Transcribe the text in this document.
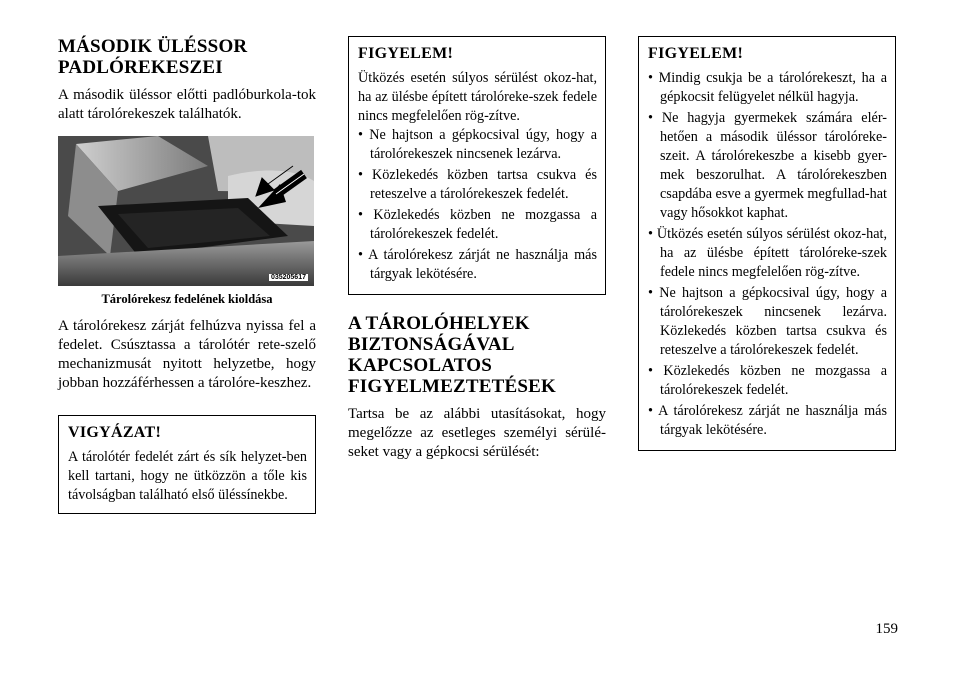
MÁSODIK ÜLÉSSOR
PADLÓREKESZEI

A második üléssor előtti padlóburkola-tok alatt tárolórekeszek találhatók.

035205617
Tárolórekesz fedelének kioldása

A tárolórekesz zárját felhúzva nyissa fel a fedelet. Csúsztassa a tárolótér rete-szelő mechanizmusát nyitott helyzetbe, hogy jobban hozzáférhessen a tárolóre-keszhez.

VIGYÁZAT!

A tárolótér fedelét zárt és sík helyzet-ben kell tartani, hogy ne ütközzön a tőle kis távolságban található első üléssínekbe.

FIGYELEM!

Ütközés esetén súlyos sérülést okoz-hat, ha az ülésbe épített tárolóreke-szek fedele nincs megfelelően rög-zítve.

• Ne hajtson a gépkocsival úgy, hogy a tárolórekeszek nincsenek lezárva.
• Közlekedés közben tartsa csukva és reteszelve a tárolórekeszek fedelét.
• Közlekedés közben ne mozgassa a tárolórekeszek fedelét.
• A tárolórekesz zárját ne használja más tárgyak lekötésére.
A TÁROLÓHELYEK BIZTONSÁGÁVAL KAPCSOLATOS FIGYELMEZTETÉSEK

Tartsa be az alábbi utasításokat, hogy megelőzze az esetleges személyi sérülé-seket vagy a gépkocsi sérülését:

FIGYELEM!
• Mindig csukja be a tárolórekeszt, ha a gépkocsit felügyelet nélkül hagyja.
• Ne hagyja gyermekek számára elér-hetően a második üléssor tárolóreke-szeit. A tárolórekeszbe a kisebb gyer-mek beszorulhat. A tárolórekeszben csapdába esve a gyermek megfullad-hat vagy hősokkot kaphat.
• Ütközés esetén súlyos sérülést okoz-hat, ha az ülésbe épített tárolóreke-szek fedele nincs megfelelően rög-zítve.
• Ne hajtson a gépkocsival úgy, hogy a tárolórekeszek nincsenek lezárva. Közlekedés közben tartsa csukva és reteszelve a tárolórekeszek fedelét.
• Közlekedés közben ne mozgassa a tárolórekeszek fedelét.
• A tárolórekesz zárját ne használja más tárgyak lekötésére.
159
